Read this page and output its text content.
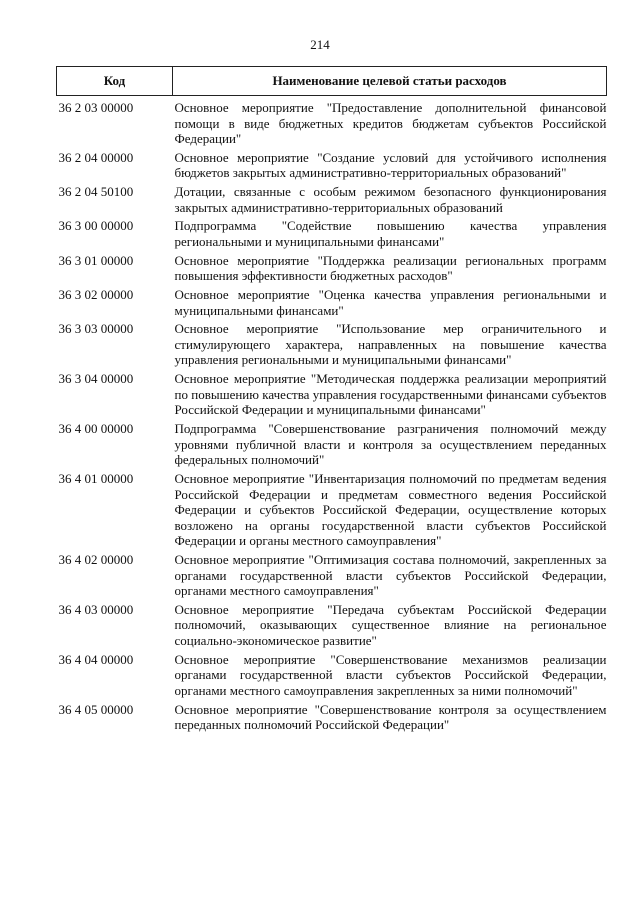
214
Код	Наименование целевой статьи расходов
36 2 03 00000	Основное мероприятие "Предоставление дополнительной финансовой помощи в виде бюджетных кредитов бюджетам субъектов Российской Федерации"
36 2 04 00000	Основное мероприятие "Создание условий для устойчивого исполнения бюджетов закрытых административно-территориальных образований"
36 2 04 50100	Дотации, связанные с особым режимом безопасного функционирования закрытых административно-территориальных образований
36 3 00 00000	Подпрограмма "Содействие повышению качества управления региональными и муниципальными финансами"
36 3 01 00000	Основное мероприятие "Поддержка реализации региональных программ повышения эффективности бюджетных расходов"
36 3 02 00000	Основное мероприятие "Оценка качества управления региональными и муниципальными финансами"
36 3 03 00000	Основное мероприятие "Использование мер ограничительного и стимулирующего характера, направленных на повышение качества управления региональными и муниципальными финансами"
36 3 04 00000	Основное мероприятие "Методическая поддержка реализации мероприятий по повышению качества управления государственными финансами субъектов Российской Федерации и муниципальными финансами"
36 4 00 00000	Подпрограмма "Совершенствование разграничения полномочий между уровнями публичной власти и контроля за осуществлением переданных федеральных полномочий"
36 4 01 00000	Основное мероприятие "Инвентаризация полномочий по предметам ведения Российской Федерации и предметам совместного ведения Российской Федерации и субъектов Российской Федерации, осуществление которых возложено на органы государственной власти субъектов Российской Федерации и органы местного самоуправления"
36 4 02 00000	Основное мероприятие "Оптимизация состава полномочий, закрепленных за органами государственной власти субъектов Российской Федерации, органами местного самоуправления"
36 4 03 00000	Основное мероприятие "Передача субъектам Российской Федерации полномочий, оказывающих существенное влияние на региональное социально-экономическое развитие"
36 4 04 00000	Основное мероприятие "Совершенствование механизмов реализации органами государственной власти субъектов Российской Федерации, органами местного самоуправления закрепленных за ними полномочий"
36 4 05 00000	Основное мероприятие "Совершенствование контроля за осуществлением переданных полномочий Российской Федерации"
